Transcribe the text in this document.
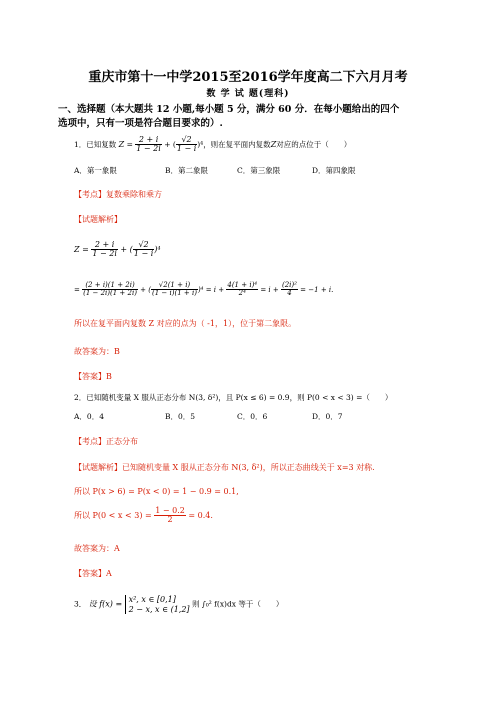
重庆市第十一中学2015至2016学年度高二下六月月考
数 学 试 题(理科)
一、选择题（本大题共 12 小题,每小题 5 分，满分 60 分．在每小题给出的四个
选项中，只有一项是符合题目要求的）.
1．已知复数 $Z = \frac{2 + i}{1 - 2i}$ + ( $\frac{√2}{1 - i} )^4$，则在复平面内复数Z对应的点位于（　　）
A．第一象限	B．第二象限	C．第三象限	D．第四象限
【考点】复数乘除和乘方
【试题解析】
$Z = \frac{2 + i}{1 - 2i}$ + ( $\frac{√2}{1 - i} )^4$
= $\frac{(2 + i)(1 + 2i)}{(1 - 2i)(1 + 2i)}$ + ( $\frac{√2(1 + i)}{(1 - i)(1 + i)} )^4 = i + \frac{\text{4(1 + i)⁴}}{\text{2⁴}} = i + \frac{\text{(2i)²}}{4} = -1 + i$.
所以在复平面内复数 Z 对应的点为（ -1，1），位于第二象限。
故答案为：B
【答案】B
2．已知随机变量 X 服从正态分布 N(3, δ²)，且 P(x ≤ 6) = 0.9，则 P(0 < x < 3) =（　　）
A．0．4	B．0．5	C．0．6	D．0．7
【考点】正态分布
【试题解析】已知随机变量 X 服从正态分布 N(3, δ²)，所以正态曲线关于 x=3 对称.
所以 P(x > 6) = P(x < 0) = 1 − 0.9 = 0.1,
所以 $P(0 < x < 3) = \frac{1 - 0.2}{2} = 0.4$.
故答案为：A
【答案】A
3． 设 f(x) =
x², x ∈ [0,1]
2 − x, x ∈ (1,2]
则 ∫₀² f(x)dx 等于（　　）
